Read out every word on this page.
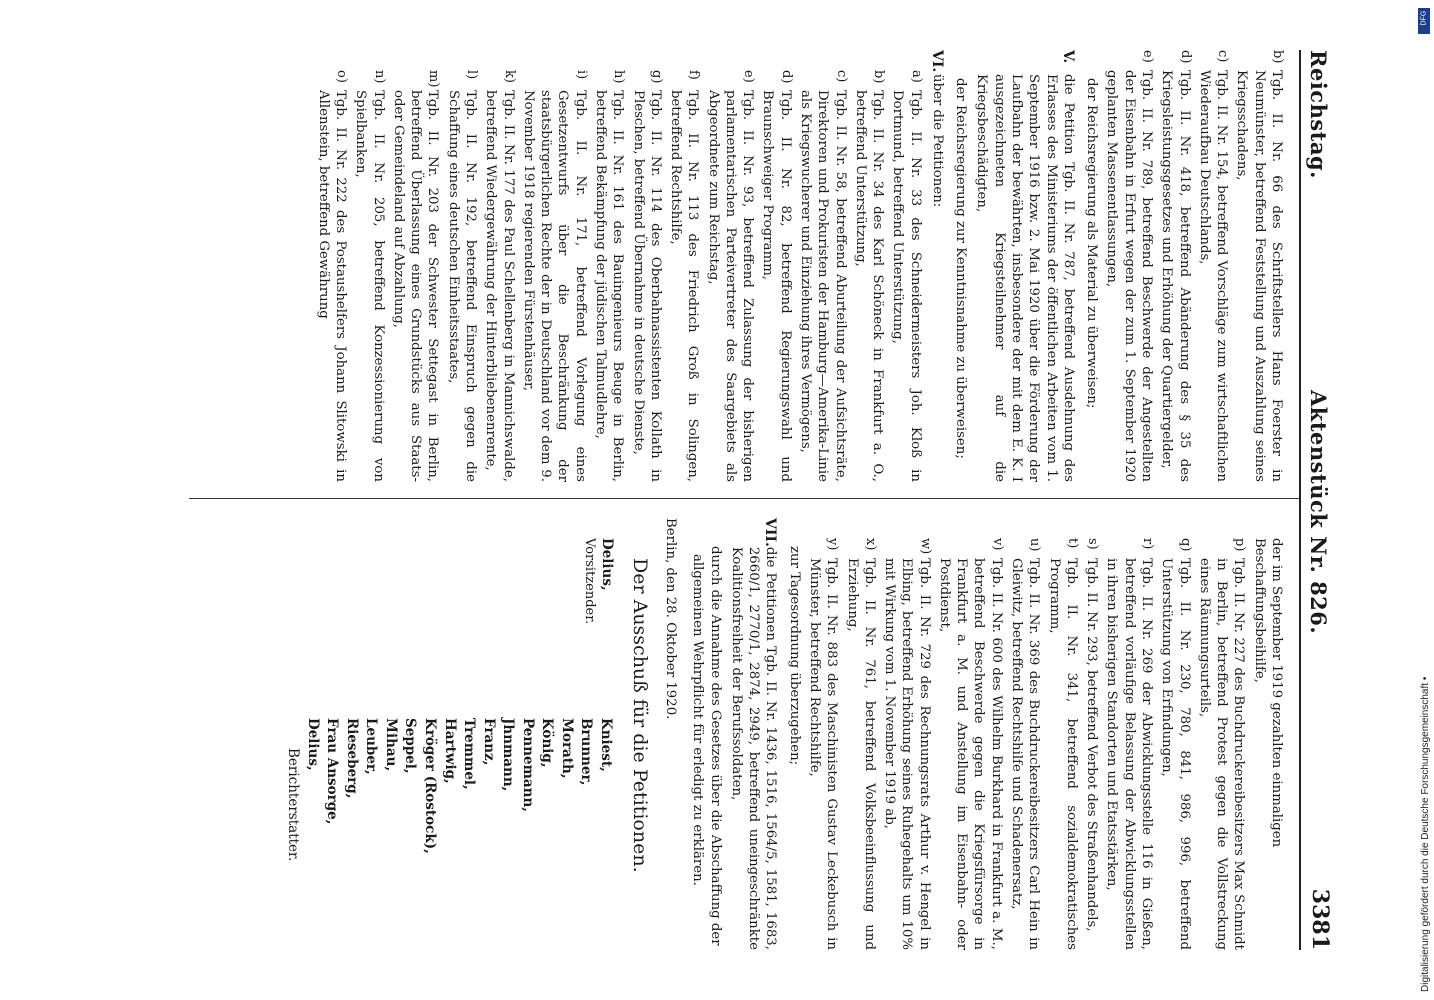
Reichstag.
Aktenstück Nr. 826.
3381
b)
Tgb. II. Nr. 66 des Schriftstellers Hans Foerster in Neumünster, betreffend Feststellung und Auszahlung seines Kriegsschadens,
c)
Tgb. II. Nr. 154, betreffend Vorschläge zum wirtschaftlichen Wiederaufbau Deutschlands,
d)
Tgb. II. Nr. 418, betreffend Abänderung des § 35 des Kriegsleistungsgesetzes und Erhöhung der Quartiergelder,
e)
Tgb. II. Nr. 789, betreffend Beschwerde der Angestellten der Eisenbahn in Erfurt wegen der zum 1. September 1920 geplanten Massenentlassungen,
der Reichsregierung als Material zu überweisen;
V.
die Petition Tgb. II. Nr. 787, betreffend Ausdehnung des Erlasses des Ministeriums der öffentlichen Arbeiten vom 1. September 1916 bzw. 2. Mai 1920 über die Förderung der Laufbahn der bewährten, insbesondere der mit dem E. K. I ausgezeichneten Kriegsteilnehmer auf die Kriegsbeschädigten,
der Reichsregierung zur Kenntnisnahme zu überweisen;
VI.
über die Petitionen:
a)
Tgb. II. Nr. 33 des Schneidermeisters Joh. Kloß in Dortmund, betreffend Unterstützung,
b)
Tgb. II. Nr. 34 des Karl Schöneck in Frankfurt a. O., betreffend Unterstützung,
c)
Tgb. II. Nr. 58, betreffend Aburteilung der Aufsichtsräte, Direktoren und Prokuristen der Hamburg—Amerika-Linie als Kriegswucherer und Einziehung ihres Vermögens,
d)
Tgb. II. Nr. 82, betreffend Regierungswahl und Braunschweiger Programm,
e)
Tgb. II. Nr. 93, betreffend Zulassung der bisherigen parlamentarischen Parteivertreter des Saargebiets als Abgeordnete zum Reichstag,
f)
Tgb. II. Nr. 113 des Friedrich Groß in Solingen, betreffend Rechtshilfe,
g)
Tgb. II. Nr. 114 des Oberbahnassistenten Kollath in Pleschen, betreffend Übernahme in deutsche Dienste,
h)
Tgb. II. Nr. 161 des Bauingenieurs Beuge in Berlin, betreffend Bekämpfung der jüdischen Talmudlehre,
i)
Tgb. II. Nr. 171, betreffend Vorlegung eines Gesetzentwurfs über die Beschränkung der staatsbürgerlichen Rechte der in Deutschland vor dem 9. November 1918 regierenden Fürstenhäuser,
k)
Tgb. II. Nr. 177 des Paul Schellenberg in Mannichswalde, betreffend Wiedergewährung der Hinterbliebenenrente,
l)
Tgb. II. Nr. 192, betreffend Einspruch gegen die Schaffung eines deutschen Einheitsstaates,
m)
Tgb. II. Nr. 203 der Schwester Settegast in Berlin, betreffend Überlassung eines Grundstücks aus Staats- oder Gemeindeland auf Abzahlung,
n)
Tgb. II. Nr. 205, betreffend Konzessionierung von Spielbanken,
o)
Tgb. II. Nr. 222 des Postaushelfers Johann Slitowski in Allenstein, betreffend Gewährung
der im September 1919 gezahlten einmaligen Beschaffungsbeihilfe,
p)
Tgb. II. Nr. 227 des Buchdruckereibesitzers Max Schmidt in Berlin, betreffend Protest gegen die Vollstreckung eines Räumungsurteils,
q)
Tgb. II. Nr. 230, 780, 841, 986, 996, betreffend Unterstützung von Erfindungen,
r)
Tgb. II. Nr. 269 der Abwicklungsstelle 116 in Gießen, betreffend vorläufige Belassung der Abwicklungsstellen in ihren bisherigen Standorten und Etatsstärken,
s)
Tgb. II. Nr. 293, betreffend Verbot des Straßenhandels,
t)
Tgb. II. Nr. 341, betreffend sozialdemokratisches Programm,
u)
Tgb. II. Nr. 369 des Buchdruckereibesitzers Carl Hein in Gleiwitz, betreffend Rechtshilfe und Schadenersatz,
v)
Tgb. II. Nr. 600 des Wilhelm Burkhard in Frankfurt a. M., betreffend Beschwerde gegen die Kriegsfürsorge in Frankfurt a. M. und Anstellung im Eisenbahn- oder Postdienst,
w)
Tgb. II. Nr. 729 des Rechnungsrats Arthur v. Hengel in Elbing, betreffend Erhöhung seines Ruhegehalts um 10% mit Wirkung vom 1. November 1919 ab,
x)
Tgb. II. Nr. 761, betreffend Volksbeeinflussung und Erziehung,
y)
Tgb. II. Nr. 883 des Maschinisten Gustav Leckebusch in Münster, betreffend Rechtshilfe,
zur Tagesordnung überzugehen;
VII.
die Petitionen Tgb. II. Nr. 1436, 1516, 1564/5, 1581, 1683, 2660/1, 2770/1, 2874, 2949, betreffend uneingeschränkte Koalitionsfreiheit der Berufssoldaten,
durch die Annahme des Gesetzes über die Abschaffung der allgemeinen Wehrpflicht für erledigt zu erklären.
Berlin, den 28. Oktober 1920.
Der Ausschuß für die Petitionen.
Delius,
Vorsitzender.
Kniest,
Brunner,
Morath,
König,
Pennemann,
Jhnmann,
Franz,
Tremmel,
Hartwig,
Kröger (Rostock),
Seppel,
Mihau,
Leuber,
Rieseberg,
Frau Ansorge,
Delius,
Berichterstatter.
DFG
Digitalisierung gefördert durch die Deutsche Forschungsgemeinschaft •
